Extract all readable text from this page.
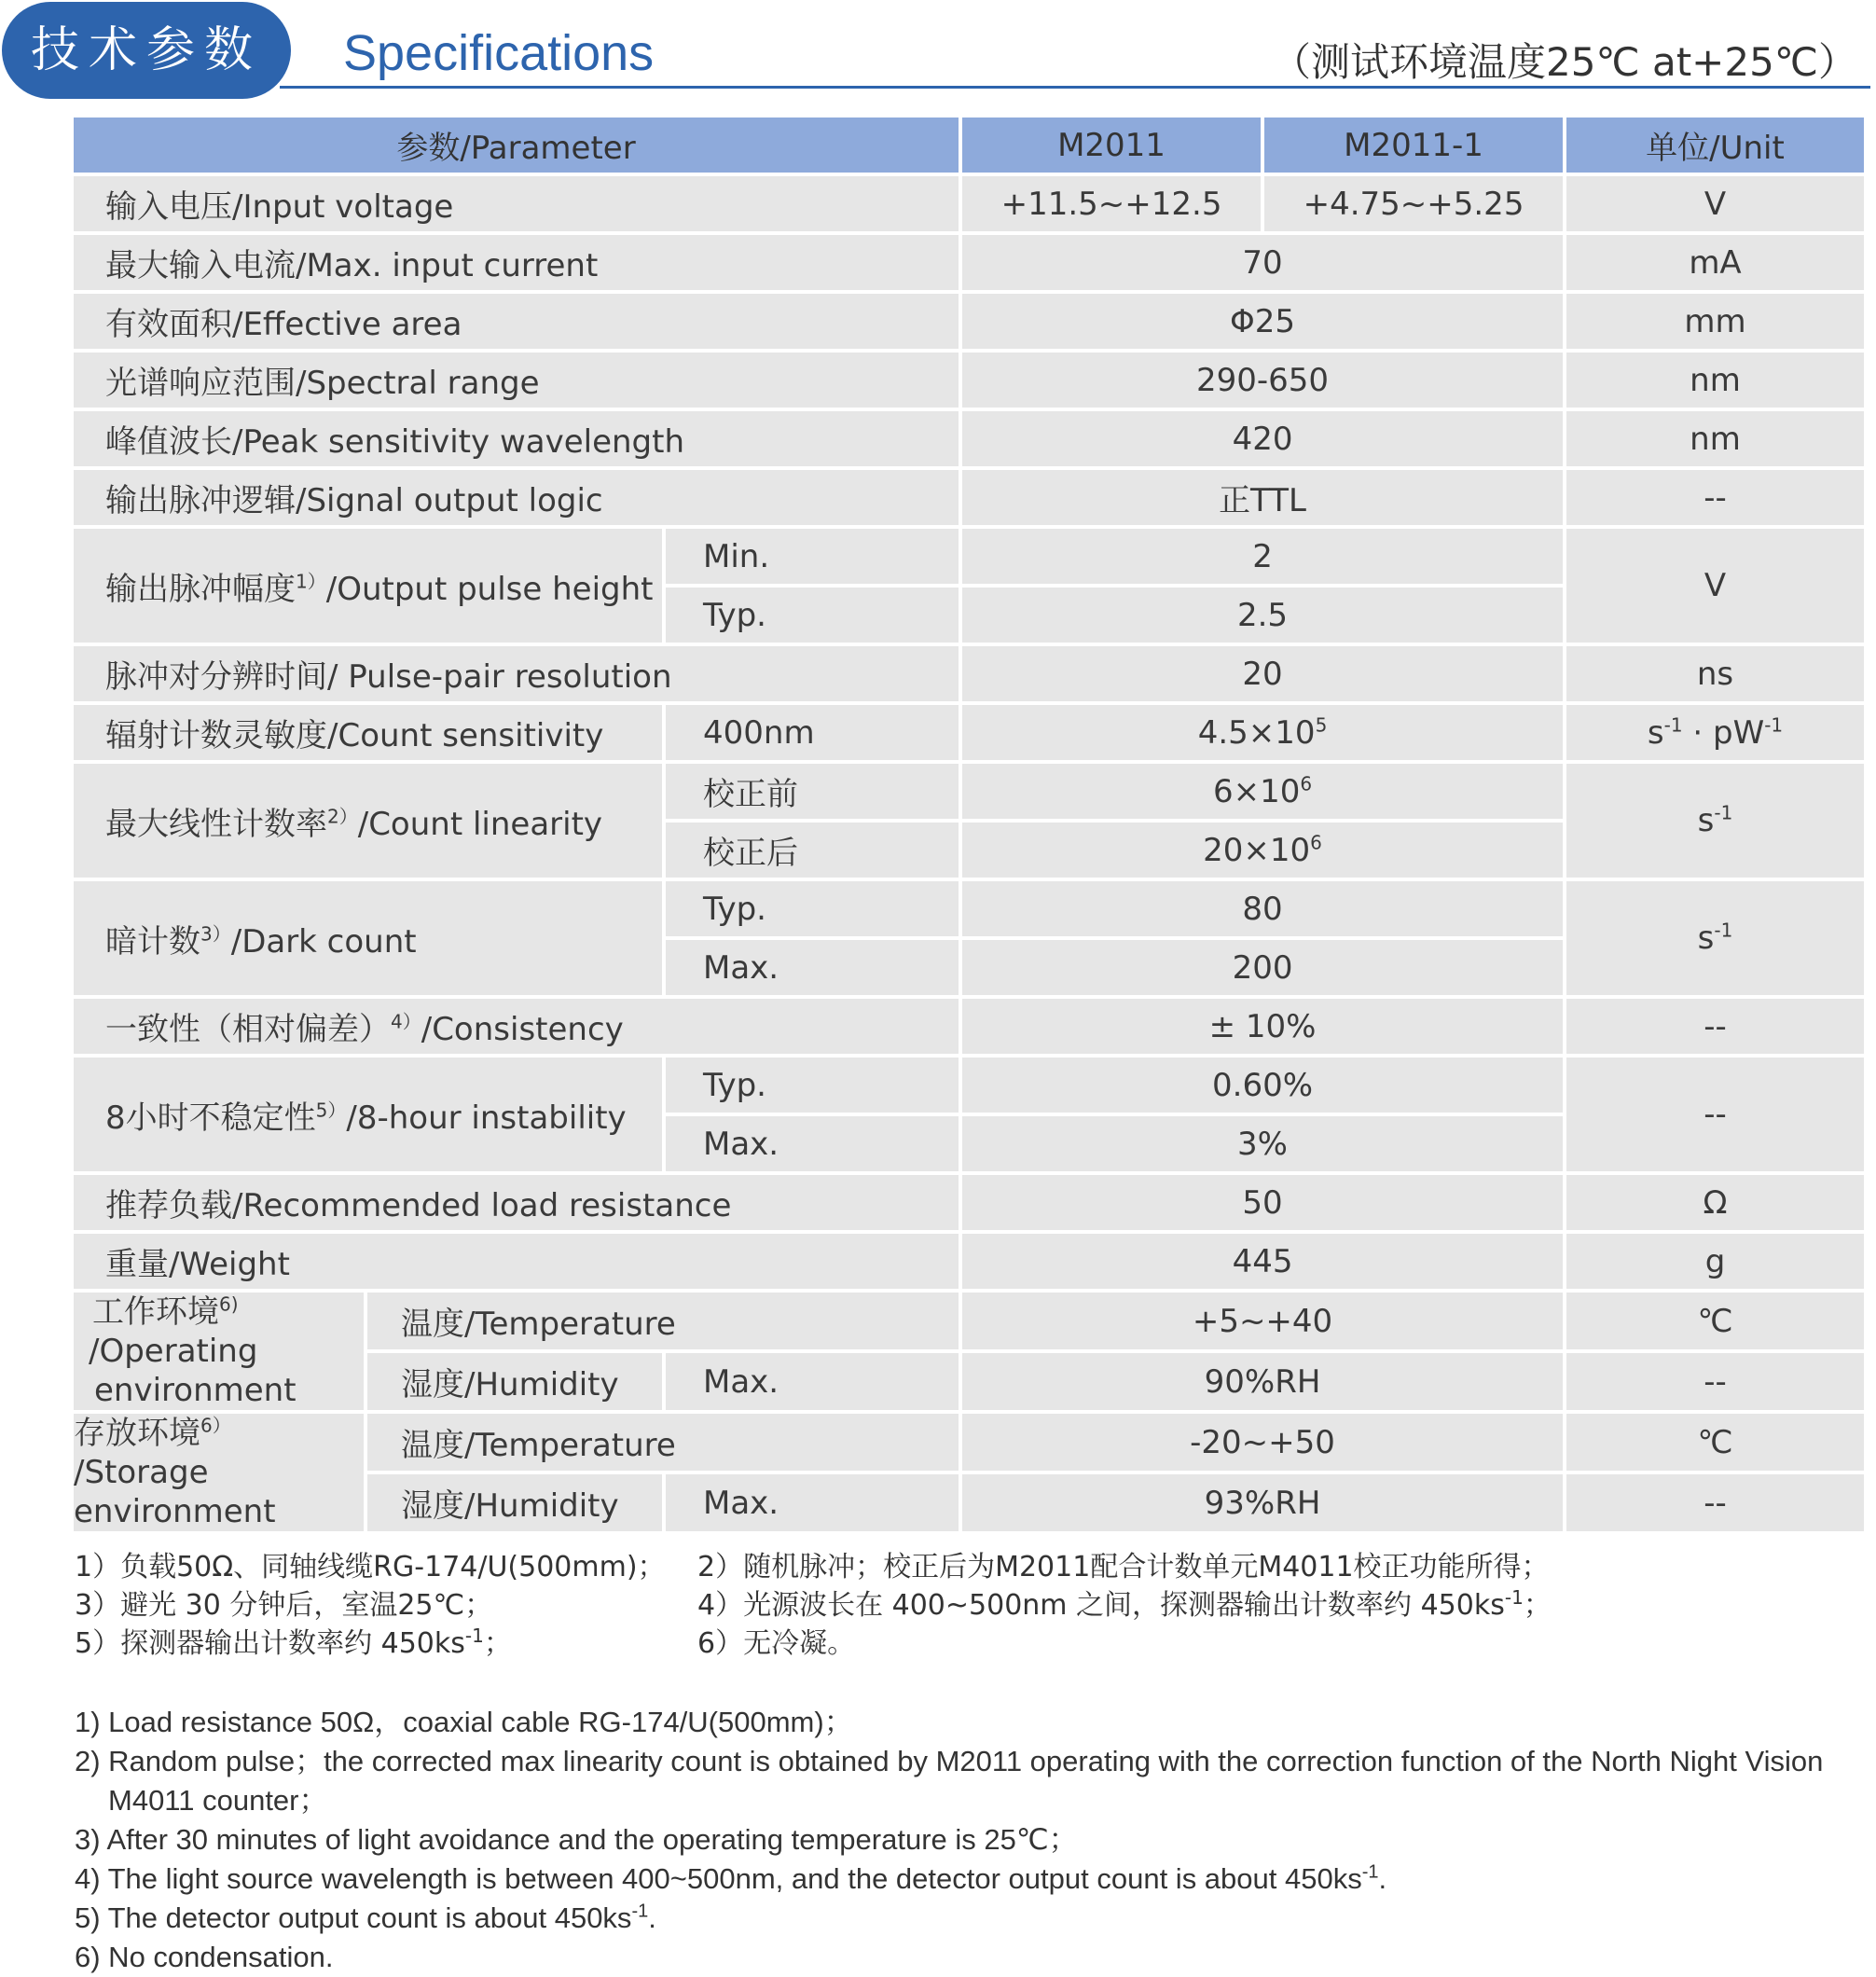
技术参数	Specifications	（测试环境温度25℃ at+25℃）
参数/Parameter			M2011	M2011-1	单位/Unit
输入电压/Input voltage			+11.5~+12.5	+4.75~+5.25	V
最大输入电流/Max. input current			70		mA
有效面积/Effective area			Φ25		mm
光谱响应范围/Spectral range			290-650		nm
峰值波长/Peak sensitivity wavelength			420		nm
输出脉冲逻辑/Signal output logic			正TTL		--
输出脉冲幅度$^{1)}$/Output pulse height		Min.	2		V
		Typ.	2.5		
脉冲对分辨时间/ Pulse-pair resolution			20		ns
辐射计数灵敏度/Count sensitivity		400nm	$4.5\times 10^5$		$s^{-1} \cdot pW^{-1}$
最大线性计数率$^{2)}$/Count linearity		校正前	$6\times 10^6$		$s^{-1}$
		校正后	$20\times 10^6$
暗计数$^{3)}$/Dark count		Typ.	80		$s^{-1}$
		Max.	200		
一致性（相对偏差）$^{4)}$/Consistency			± 10%		--
8小时不稳定性$^{5)}$/8-hour instability		Typ.	0.60%		--
		Max.	3%		
推荐负载/Recommended load resistance			50		Ω
重量/Weight			445		g

工作环境$^{6)}$
/Operating
environment	温度/Temperature		+5~+40		℃
	湿度/Humidity	Max.	90%RH		--

存放环境$^{6)}$
/Storage
environment	温度/Temperature		-20~+50		℃
	湿度/Humidity	Max.	93%RH		--
1）负载50Ω、同轴线缆RG-174/U(500mm)；
3）避光 30 分钟后，室温25℃；
5）探测器输出计数率约 $450ks^{-1}$；
2）随机脉冲；校正后为M2011配合计数单元M4011校正功能所得；
4）光源波长在 400~500nm 之间，探测器输出计数率约 $450ks^{-1}$；
6）无冷凝。
1) Load resistance 50Ω，coaxial cable RG-174/U(500mm)；
2) Random pulse；the corrected max linearity count is obtained by M2011 operating with the correction function of the North Night Vision
M4011 counter；
3) After 30 minutes of light avoidance and the operating temperature is 25℃；
4) The light source wavelength is between 400~500nm, and the detector output count is about $450ks^{-1}$.
5) The detector output count is about $450ks^{-1}$.
6) No condensation.
